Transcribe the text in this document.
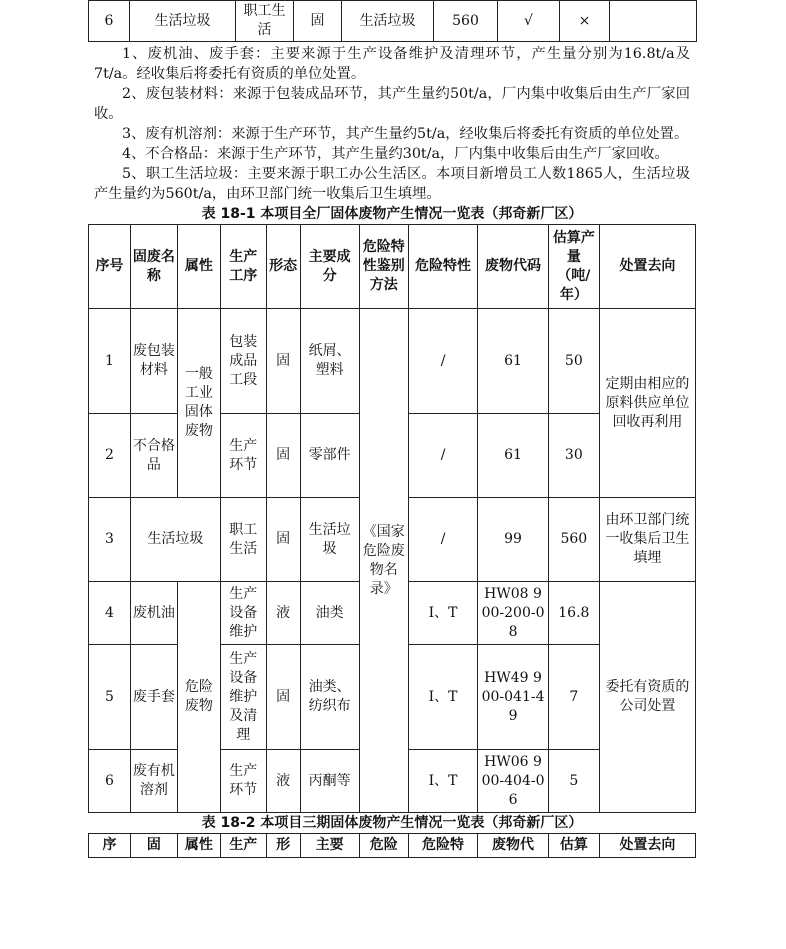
6	生活垃圾	职工生活	固	生活垃圾	560	√	×	

1、废机油、废手套：主要来源于生产设备维护及清理环节，产生量分别为16.8t/a及7t/a。经收集后将委托有资质的单位处置。

2、废包装材料：来源于包装成品环节，其产生量约50t/a，厂内集中收集后由生产厂家回收。

3、废有机溶剂：来源于生产环节，其产生量约5t/a，经收集后将委托有资质的单位处置。

4、不合格品：来源于生产环节，其产生量约30t/a，厂内集中收集后由生产厂家回收。

5、职工生活垃圾：主要来源于职工办公生活区。本项目新增员工人数1865人，生活垃圾产生量约为560t/a，由环卫部门统一收集后卫生填埋。

表 18-1 本项目全厂固体废物产生情况一览表（邦奇新厂区）
序号	固废名称	属性	生产工序	形态	主要成分	危险特性鉴别方法	危险特性	废物代码	估算产量（吨/年）	处置去向
1	废包装材料	一般工业固体废物	包装成品工段	固	纸屑、塑料	《国家危险废物名录》	/	61	50	定期由相应的原料供应单位回收再利用
2	不合格品		生产环节	固	零部件		/	61	30	
3	生活垃圾		职工生活	固	生活垃圾		/	99	560	由环卫部门统一收集后卫生填埋
4	废机油	危险废物	生产设备维护	液	油类		I、T	HW08 900-200-08	16.8	委托有资质的公司处置
5	废手套		生产设备维护及清理	固	油类、纺织布		I、T	HW49 900-041-49	7	
6	废有机溶剂		生产环节	液	丙酮等		I、T	HW06 900-404-06	5	
表 18-2 本项目三期固体废物产生情况一览表（邦奇新厂区）
序	固	属性	生产	形	主要	危险	危险特	废物代	估算	处置去向
